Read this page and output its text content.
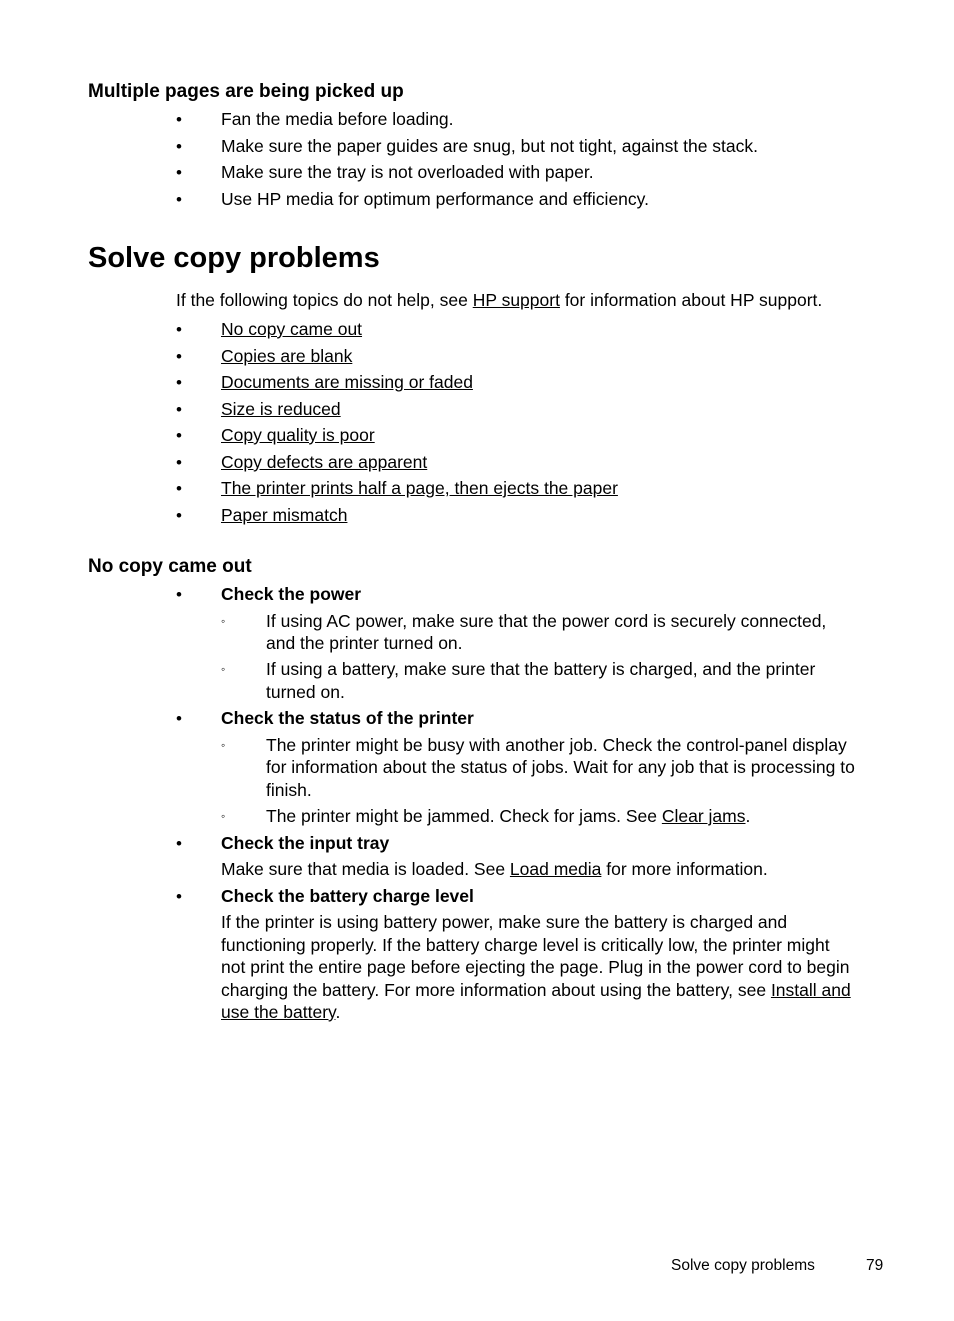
Multiple pages are being picked up
• Fan the media before loading.
• Make sure the paper guides are snug, but not tight, against the stack.
• Make sure the tray is not overloaded with paper.
• Use HP media for optimum performance and efficiency.
Solve copy problems
If the following topics do not help, see HP support for information about HP support.
• No copy came out
• Copies are blank
• Documents are missing or faded
• Size is reduced
• Copy quality is poor
• Copy defects are apparent
• The printer prints half a page, then ejects the paper
• Paper mismatch
No copy came out
• Check the power
◦ If using AC power, make sure that the power cord is securely connected,
and the printer turned on.
◦ If using a battery, make sure that the battery is charged, and the printer
turned on.
• Check the status of the printer
◦ The printer might be busy with another job. Check the control-panel display
for information about the status of jobs. Wait for any job that is processing to
finish.
◦ The printer might be jammed. Check for jams. See Clear jams.
• Check the input tray
Make sure that media is loaded. See Load media for more information.
• Check the battery charge level
If the printer is using battery power, make sure the battery is charged and
functioning properly. If the battery charge level is critically low, the printer might
not print the entire page before ejecting the page. Plug in the power cord to begin
charging the battery. For more information about using the battery, see Install and
use the battery.
Solve copy problems	79
